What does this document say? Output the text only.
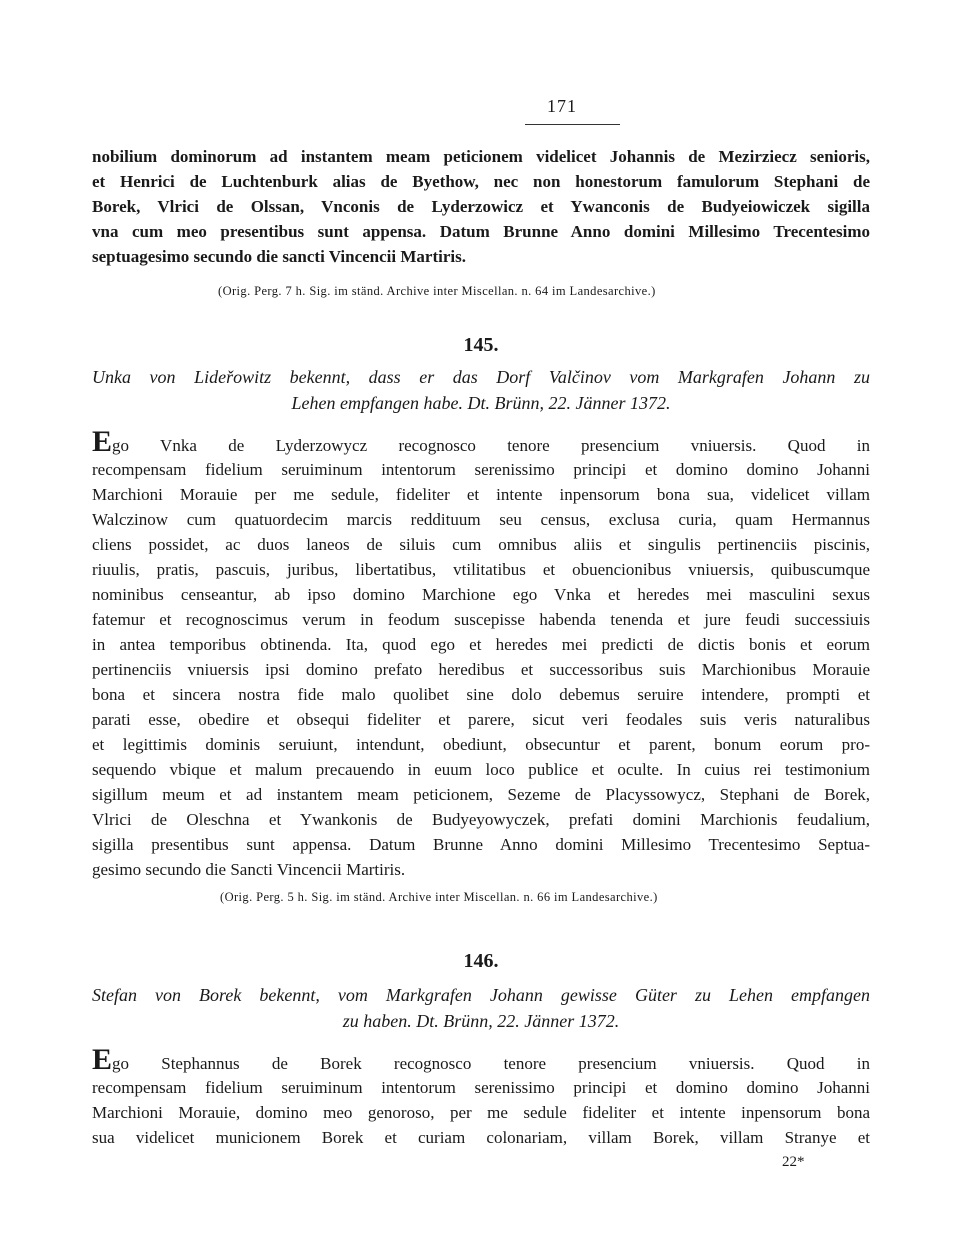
171
nobilium dominorum ad instantem meam peticionem videlicet Johannis de Mezirziecz senioris,
et Henrici de Luchtenburk alias de Byethow, nec non honestorum famulorum Stephani de
Borek, Vlrici de Olssan, Vnconis de Lyderzowicz et Ywanconis de Budyeiowiczek sigilla
vna cum meo presentibus sunt appensa. Datum Brunne Anno domini Millesimo Trecentesimo
septuagesimo secundo die sancti Vincencii Martiris.
(Orig. Perg. 7 h. Sig. im ständ. Archive inter Miscellan. n. 64 im Landesarchive.)
145.
Unka von Lideřowitz bekennt, dass er das Dorf Valčinov vom Markgrafen Johann zu
Lehen empfangen habe. Dt. Brünn, 22. Jänner 1372.
Ego Vnka de Lyderzowycz recognosco tenore presencium vniuersis. Quod in
recompensam fidelium seruiminum intentorum serenissimo principi et domino domino Johanni
Marchioni Morauie per me sedule, fideliter et intente inpensorum bona sua, videlicet villam
Walczinow cum quatuordecim marcis reddituum seu census, exclusa curia, quam Hermannus
cliens possidet, ac duos laneos de siluis cum omnibus aliis et singulis pertinenciis piscinis,
riuulis, pratis, pascuis, juribus, libertatibus, vtilitatibus et obuencionibus vniuersis, quibuscumque
nominibus censeantur, ab ipso domino Marchione ego Vnka et heredes mei masculini sexus
fatemur et recognoscimus verum in feodum suscepisse habenda tenenda et jure feudi successiuis
in antea temporibus obtinenda. Ita, quod ego et heredes mei predicti de dictis bonis et eorum
pertinenciis vniuersis ipsi domino prefato heredibus et successoribus suis Marchionibus Morauie
bona et sincera nostra fide malo quolibet sine dolo debemus seruire intendere, prompti et
parati esse, obedire et obsequi fideliter et parere, sicut veri feodales suis veris naturalibus
et legittimis dominis seruiunt, intendunt, obediunt, obsecuntur et parent, bonum eorum pro-
sequendo vbique et malum precauendo in euum loco publice et oculte. In cuius rei testimonium
sigillum meum et ad instantem meam peticionem, Sezeme de Placyssowycz, Stephani de Borek,
Vlrici de Oleschna et Ywankonis de Budyeyowyczek, prefati domini Marchionis feudalium,
sigilla presentibus sunt appensa. Datum Brunne Anno domini Millesimo Trecentesimo Septua-
gesimo secundo die Sancti Vincencii Martiris.
(Orig. Perg. 5 h. Sig. im ständ. Archive inter Miscellan. n. 66 im Landesarchive.)
146.
Stefan von Borek bekennt, vom Markgrafen Johann gewisse Güter zu Lehen empfangen
zu haben. Dt. Brünn, 22. Jänner 1372.
Ego Stephannus de Borek recognosco tenore presencium vniuersis. Quod in
recompensam fidelium seruiminum intentorum serenissimo principi et domino domino Johanni
Marchioni Morauie, domino meo genoroso, per me sedule fideliter et intente inpensorum bona
sua videlicet municionem Borek et curiam colonariam, villam Borek, villam Stranye et
22*
